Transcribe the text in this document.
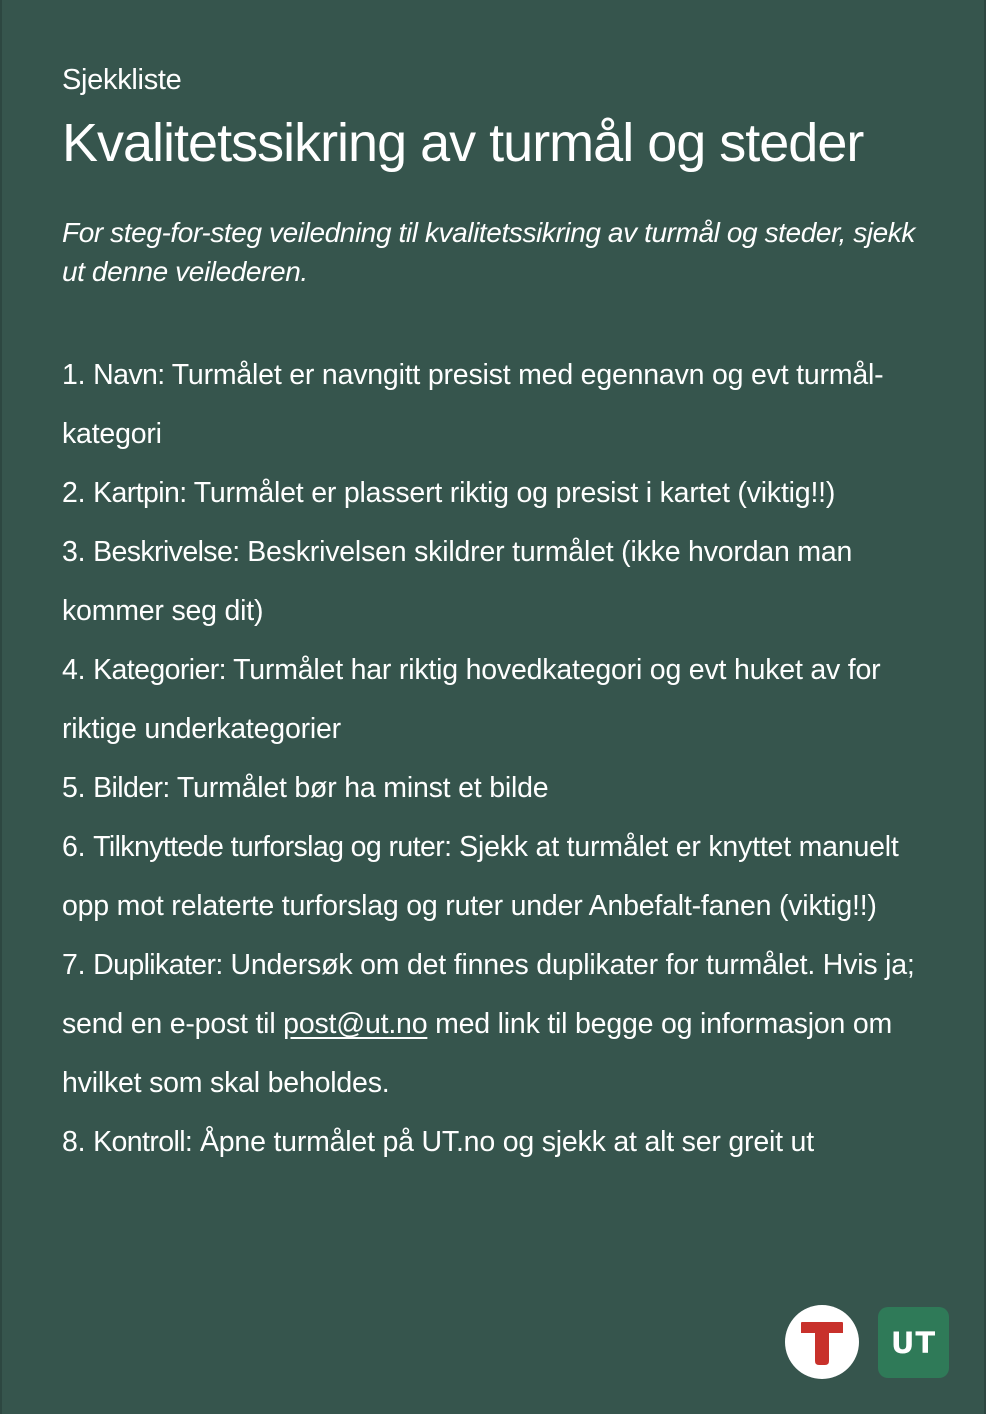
Sjekkliste
Kvalitetssikring av turmål og steder
For steg-for-steg veiledning til kvalitetssikring av turmål og steder, sjekk ut denne veilederen.
1. Navn: Turmålet er navngitt presist med egennavn og evt turmål-kategori
2. Kartpin: Turmålet er plassert riktig og presist i kartet (viktig!!)
3. Beskrivelse: Beskrivelsen skildrer turmålet (ikke hvordan man kommer seg dit)
4. Kategorier: Turmålet har riktig hovedkategori og evt huket av for riktige underkategorier
5. Bilder: Turmålet bør ha minst et bilde
6. Tilknyttede turforslag og ruter: Sjekk at turmålet er knyttet manuelt opp mot relaterte turforslag og ruter under Anbefalt-fanen (viktig!!)
7. Duplikater: Undersøk om det finnes duplikater for turmålet. Hvis ja; send en e-post til post@ut.no med link til begge og informasjon om hvilket som skal beholdes.
8. Kontroll: Åpne turmålet på UT.no og sjekk at alt ser greit ut
UT
